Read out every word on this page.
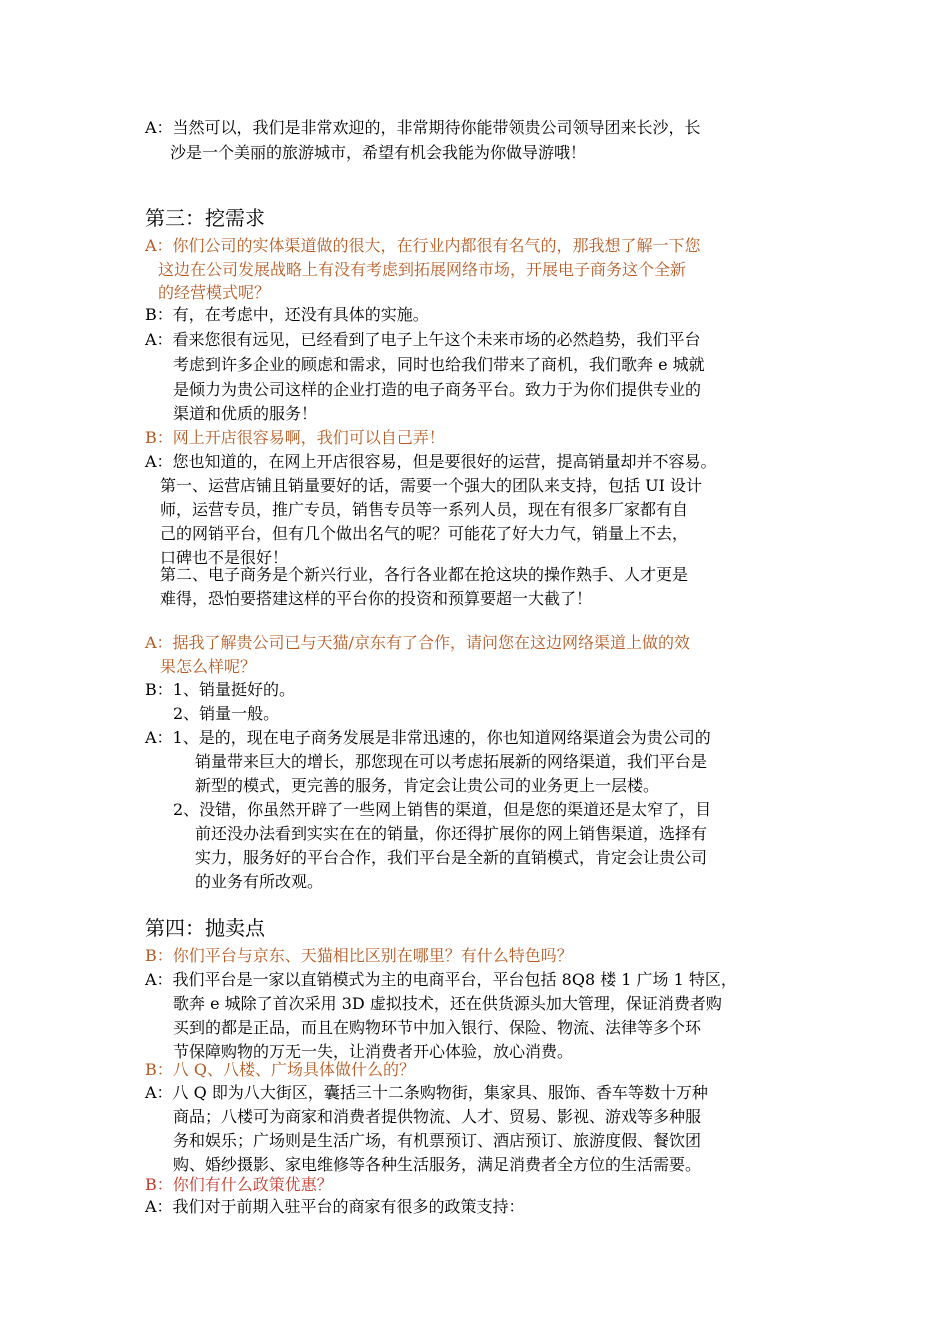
A：当然可以，我们是非常欢迎的，非常期待你能带领贵公司领导团来长沙，长
沙是一个美丽的旅游城市，希望有机会我能为你做导游哦！
第三：挖需求
A：你们公司的实体渠道做的很大，在行业内都很有名气的，那我想了解一下您
这边在公司发展战略上有没有考虑到拓展网络市场，开展电子商务这个全新
的经营模式呢？
B：有，在考虑中，还没有具体的实施。
A：看来您很有远见，已经看到了电子上午这个未来市场的必然趋势，我们平台
考虑到许多企业的顾虑和需求，同时也给我们带来了商机，我们歌奔 e 城就
是倾力为贵公司这样的企业打造的电子商务平台。致力于为你们提供专业的
渠道和优质的服务！
B：网上开店很容易啊，我们可以自己弄！
A：您也知道的，在网上开店很容易，但是要很好的运营，提高销量却并不容易。
第一、运营店铺且销量要好的话，需要一个强大的团队来支持，包括 UI 设计
师，运营专员，推广专员，销售专员等一系列人员，现在有很多厂家都有自
己的网销平台，但有几个做出名气的呢？可能花了好大力气，销量上不去，
口碑也不是很好！
第二、电子商务是个新兴行业，各行各业都在抢这块的操作熟手、人才更是
难得，恐怕要搭建这样的平台你的投资和预算要超一大截了！
A：据我了解贵公司已与天猫/京东有了合作，请问您在这边网络渠道上做的效
果怎么样呢？
B：1、销量挺好的。
2、销量一般。
A：1、是的，现在电子商务发展是非常迅速的，你也知道网络渠道会为贵公司的
销量带来巨大的增长，那您现在可以考虑拓展新的网络渠道，我们平台是
新型的模式，更完善的服务，肯定会让贵公司的业务更上一层楼。
2、没错，你虽然开辟了一些网上销售的渠道，但是您的渠道还是太窄了，目
前还没办法看到实实在在的销量，你还得扩展你的网上销售渠道，选择有
实力，服务好的平台合作，我们平台是全新的直销模式，肯定会让贵公司
的业务有所改观。
第四：抛卖点
B：你们平台与京东、天猫相比区别在哪里？有什么特色吗？
A：我们平台是一家以直销模式为主的电商平台，平台包括 8Q8 楼 1 广场 1 特区，
歌奔 e 城除了首次采用 3D 虚拟技术，还在供货源头加大管理，保证消费者购
买到的都是正品，而且在购物环节中加入银行、保险、物流、法律等多个环
节保障购物的万无一失，让消费者开心体验，放心消费。
B：八 Q、八楼、广场具体做什么的？
A：八 Q 即为八大街区，囊括三十二条购物街，集家具、服饰、香车等数十万种
商品；八楼可为商家和消费者提供物流、人才、贸易、影视、游戏等多种服
务和娱乐；广场则是生活广场，有机票预订、酒店预订、旅游度假、餐饮团
购、婚纱摄影、家电维修等各种生活服务，满足消费者全方位的生活需要。
B：你们有什么政策优惠？
A：我们对于前期入驻平台的商家有很多的政策支持：
